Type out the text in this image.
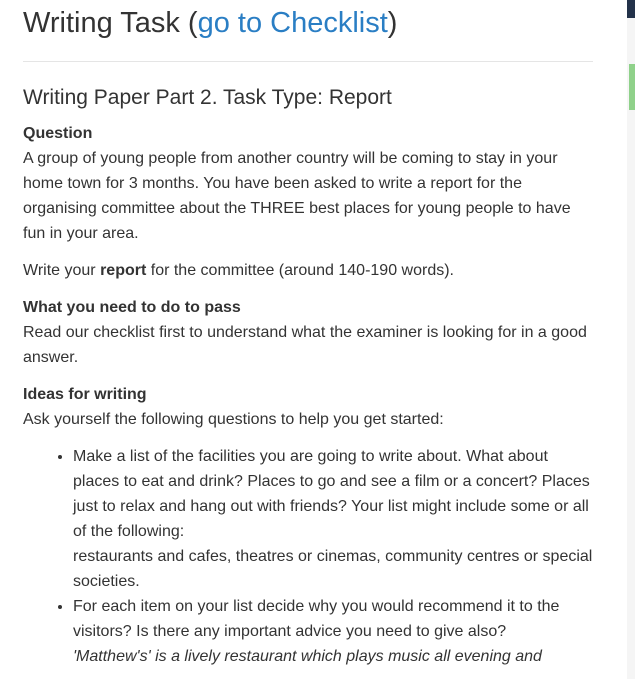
Writing Task (go to Checklist)
Writing Paper Part 2. Task Type: Report
Question

A group of young people from another country will be coming to stay in your home town for 3 months. You have been asked to write a report for the organising committee about the THREE best places for young people to have fun in your area.

Write your report for the committee (around 140-190 words).

What you need to do to pass

Read our checklist first to understand what the examiner is looking for in a good answer.

Ideas for writing

Ask yourself the following questions to help you get started:

• Make a list of the facilities you are going to write about. What about places to eat and drink? Places to go and see a film or a concert? Places just to relax and hang out with friends? Your list might include some or all of the following:
restaurants and cafes, theatres or cinemas, community centres or special societies.
• For each item on your list decide why you would recommend it to the visitors? Is there any important advice you need to give also?
'Matthew's' is a lively restaurant which plays music all evening and
